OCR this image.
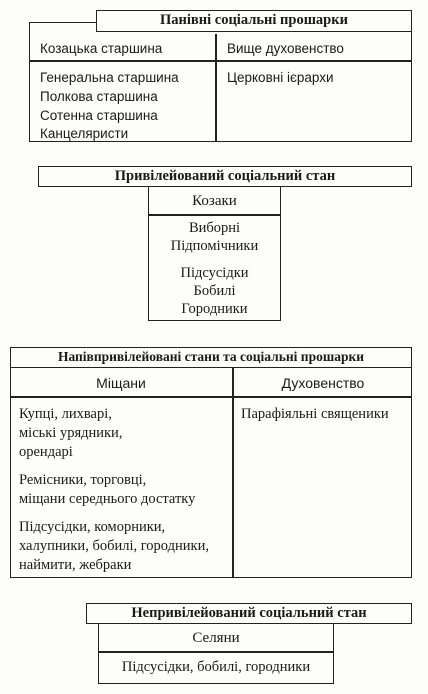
Панівні соціальні прошарки
Козацька старшина	Вище духовенство
Генеральна старшина
Полкова старшина
Сотенна старшина
Канцеляристи
Церковні ієрархи
Привілейований соціальний стан
Козаки
Виборні
Підпомічники
Підсусідки
Бобилі
Городники
Напівпривілейовані стани та соціальні прошарки
Міщани	Духовенство
Купці, лихварі,
міські урядники,
орендарі
Ремісники, торговці,
міщани середнього достатку
Підсусідки, коморники,
халупники, бобилі, городники,
наймити, жебраки
Парафіяльні священики
Непривілейований соціальний стан
Селяни
Підсусідки, бобилі, городники
